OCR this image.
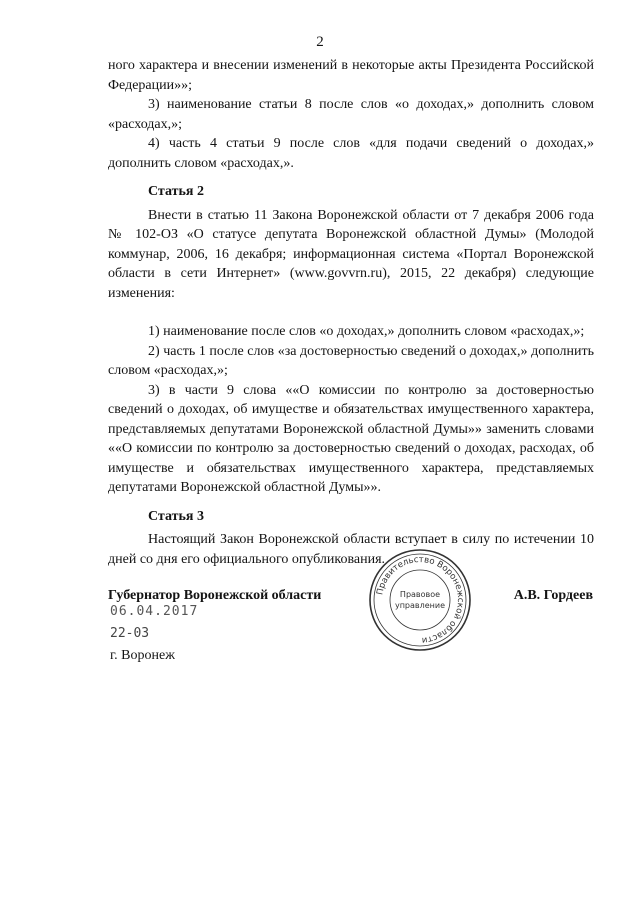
2

ного характера и внесении изменений в некоторые акты Президента Российской Федерации»»;

3) наименование статьи 8 после слов «о доходах,» дополнить словом «расходах,»;

4) часть 4 статьи 9 после слов «для подачи сведений о доходах,» дополнить словом «расходах,».

Статья 2

Внести в статью 11 Закона Воронежской области от 7 декабря 2006 года № 102-ОЗ «О статусе депутата Воронежской областной Думы» (Молодой коммунар, 2006, 16 декабря; информационная система «Портал Воронежской области в сети Интернет» (www.govvrn.ru), 2015, 22 декабря) следующие изменения:

1) наименование после слов «о доходах,» дополнить словом «расходах,»;

2) часть 1 после слов «за достоверностью сведений о доходах,» дополнить словом «расходах,»;

3) в части 9 слова ««О комиссии по контролю за достоверностью сведений о доходах, об имуществе и обязательствах имущественного характера, представляемых депутатами Воронежской областной Думы»» заменить словами ««О комиссии по контролю за достоверностью сведений о доходах, расходах, об имуществе и обязательствах имущественного характера, представляемых депутатами Воронежской областной Думы»».

Статья 3

Настоящий Закон Воронежской области вступает в силу по истечении 10 дней со дня его официального опубликования.

Правительство Воронежской области
Правовое
управление
Губернатор Воронежской области	А.В. Гордеев
06.04.2017
22-03
г. Воронеж
